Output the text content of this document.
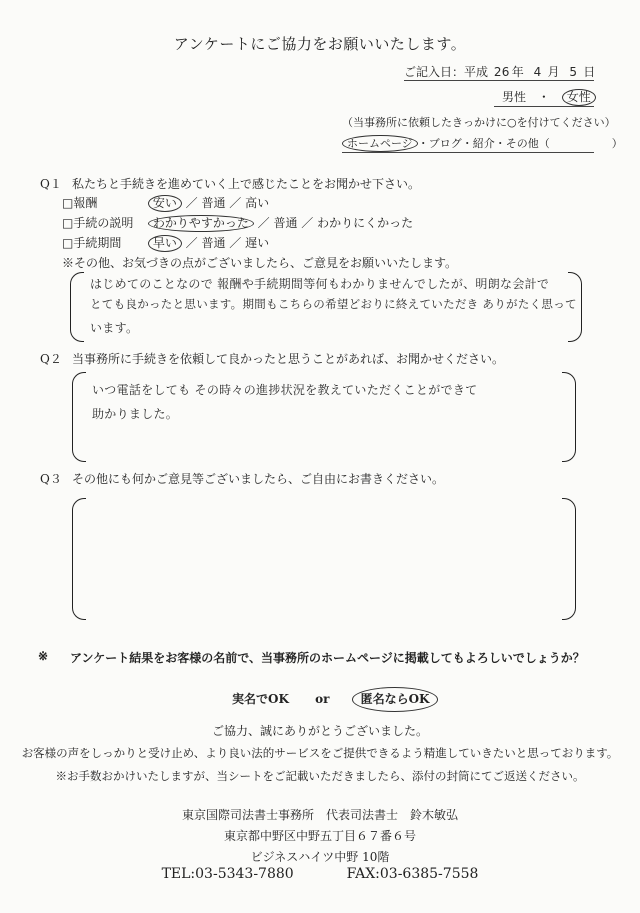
アンケートにご協力をお願いいたします。
ご記入日：平成 26 年 4 月 5 日
男性 ・ 女性
（当事務所に依頼したきっかけに○を付けてください）
ホームページ ・ブログ・紹介・その他（	）
Q１ 私たちと手続きを進めていく上で感じたことをお聞かせ下さい。
□報酬	安い ／ 普通 ／ 高い
□手続の説明 わかりやすかった ／ 普通 ／ わかりにくかった
□手続期間	早い ／ 普通 ／ 遅い
※その他、お気づきの点がございましたら、ご意見をお願いいたします。
はじめてのことなので 報酬や手続期間等何もわかりませんでしたが、明朗な会計で
とても良かったと思います。期間もこちらの希望どおりに終えていただき ありがたく思って
います。
Q２ 当事務所に手続きを依頼して良かったと思うことがあれば、お聞かせください。
いつ電話をしても その時々の進捗状況を教えていただくことができて
助かりました。
Q３ その他にも何かご意見等ございましたら、ご自由にお書きください。
※ アンケート結果をお客様の名前で、当事務所のホームページに掲載してもよろしいでしょうか？
実名でOK or	匿名ならOK
ご協力、誠にありがとうございました。
お客様の声をしっかりと受け止め、より良い法的サービスをご提供できるよう精進していきたいと思っております。
※お手数おかけいたしますが、当シートをご記載いただきましたら、添付の封筒にてご返送ください。
東京国際司法書士事務所　代表司法書士　鈴木敏弘
東京都中野区中野五丁目６７番６号
ビジネスハイツ中野 10階
TEL:03-5343-7880	FAX:03-6385-7558
